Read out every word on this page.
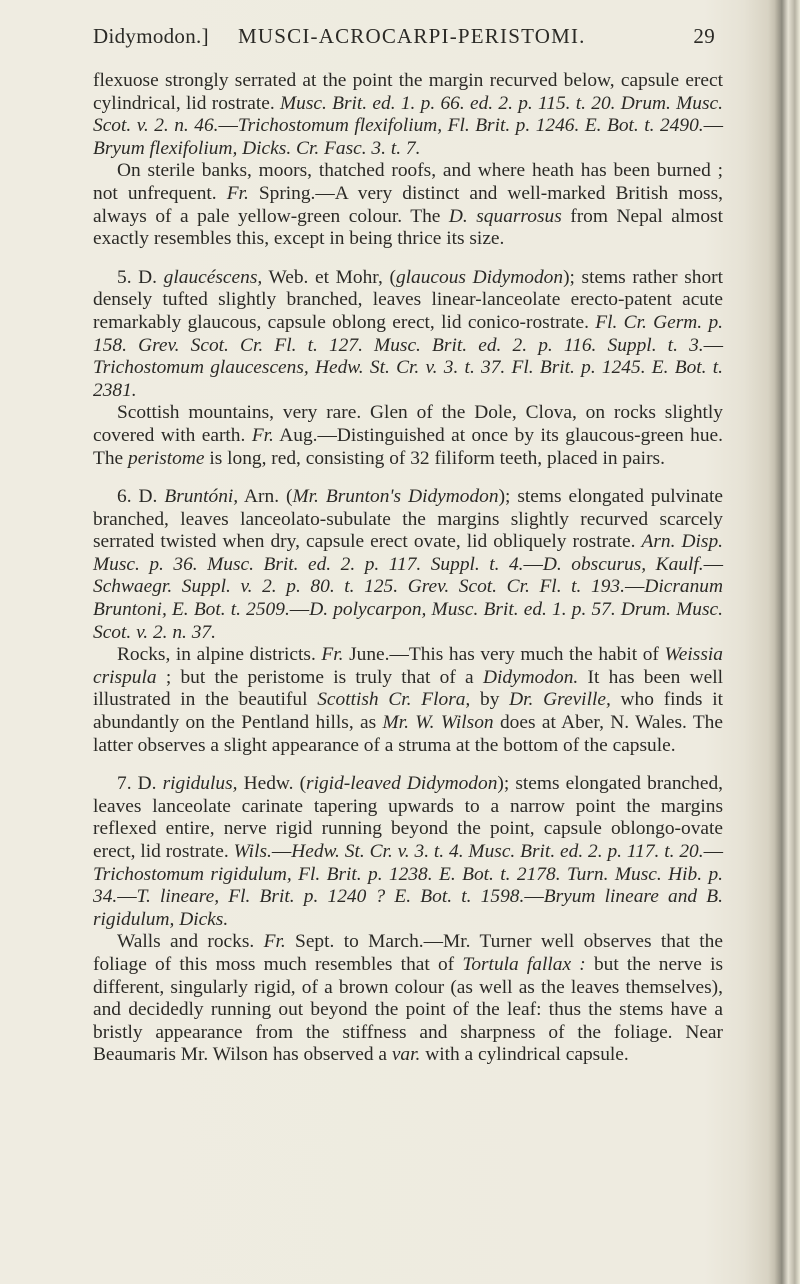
Didymodon.] MUSCI-ACROCARPI-PERISTOMI.	29

flexuose strongly serrated at the point the margin recurved below, capsule erect cylindrical, lid rostrate. Musc. Brit. ed. 1. p. 66. ed. 2. p. 115. t. 20. Drum. Musc. Scot. v. 2. n. 46.—Trichostomum flexifolium, Fl. Brit. p. 1246. E. Bot. t. 2490.—Bryum flexifolium, Dicks. Cr. Fasc. 3. t. 7.

On sterile banks, moors, thatched roofs, and where heath has been burned ; not unfrequent. Fr. Spring.—A very distinct and well-marked British moss, always of a pale yellow-green colour. The D. squarrosus from Nepal almost exactly resembles this, except in being thrice its size.

5. D. glaucéscens, Web. et Mohr, (glaucous Didymodon); stems rather short densely tufted slightly branched, leaves linear-lanceolate erecto-patent acute remarkably glaucous, capsule oblong erect, lid conico-rostrate. Fl. Cr. Germ. p. 158. Grev. Scot. Cr. Fl. t. 127. Musc. Brit. ed. 2. p. 116. Suppl. t. 3.—Trichostomum glaucescens, Hedw. St. Cr. v. 3. t. 37. Fl. Brit. p. 1245. E. Bot. t. 2381.

Scottish mountains, very rare. Glen of the Dole, Clova, on rocks slightly covered with earth. Fr. Aug.—Distinguished at once by its glaucous-green hue. The peristome is long, red, consisting of 32 filiform teeth, placed in pairs.

6. D. Bruntóni, Arn. (Mr. Brunton's Didymodon); stems elongated pulvinate branched, leaves lanceolato-subulate the margins slightly recurved scarcely serrated twisted when dry, capsule erect ovate, lid obliquely rostrate. Arn. Disp. Musc. p. 36. Musc. Brit. ed. 2. p. 117. Suppl. t. 4.—D. obscurus, Kaulf.—Schwaegr. Suppl. v. 2. p. 80. t. 125. Grev. Scot. Cr. Fl. t. 193.—Dicranum Bruntoni, E. Bot. t. 2509.—D. polycarpon, Musc. Brit. ed. 1. p. 57. Drum. Musc. Scot. v. 2. n. 37.

Rocks, in alpine districts. Fr. June.—This has very much the habit of Weissia crispula ; but the peristome is truly that of a Didymodon. It has been well illustrated in the beautiful Scottish Cr. Flora, by Dr. Greville, who finds it abundantly on the Pentland hills, as Mr. W. Wilson does at Aber, N. Wales. The latter observes a slight appearance of a struma at the bottom of the capsule.

7. D. rigidulus, Hedw. (rigid-leaved Didymodon); stems elongated branched, leaves lanceolate carinate tapering upwards to a narrow point the margins reflexed entire, nerve rigid running beyond the point, capsule oblongo-ovate erect, lid rostrate. Wils.—Hedw. St. Cr. v. 3. t. 4. Musc. Brit. ed. 2. p. 117. t. 20.—Trichostomum rigidulum, Fl. Brit. p. 1238. E. Bot. t. 2178. Turn. Musc. Hib. p. 34.—T. lineare, Fl. Brit. p. 1240 ? E. Bot. t. 1598.—Bryum lineare and B. rigidulum, Dicks.

Walls and rocks. Fr. Sept. to March.—Mr. Turner well observes that the foliage of this moss much resembles that of Tortula fallax : but the nerve is different, singularly rigid, of a brown colour (as well as the leaves themselves), and decidedly running out beyond the point of the leaf: thus the stems have a bristly appearance from the stiffness and sharpness of the foliage. Near Beaumaris Mr. Wilson has observed a var. with a cylindrical capsule.
